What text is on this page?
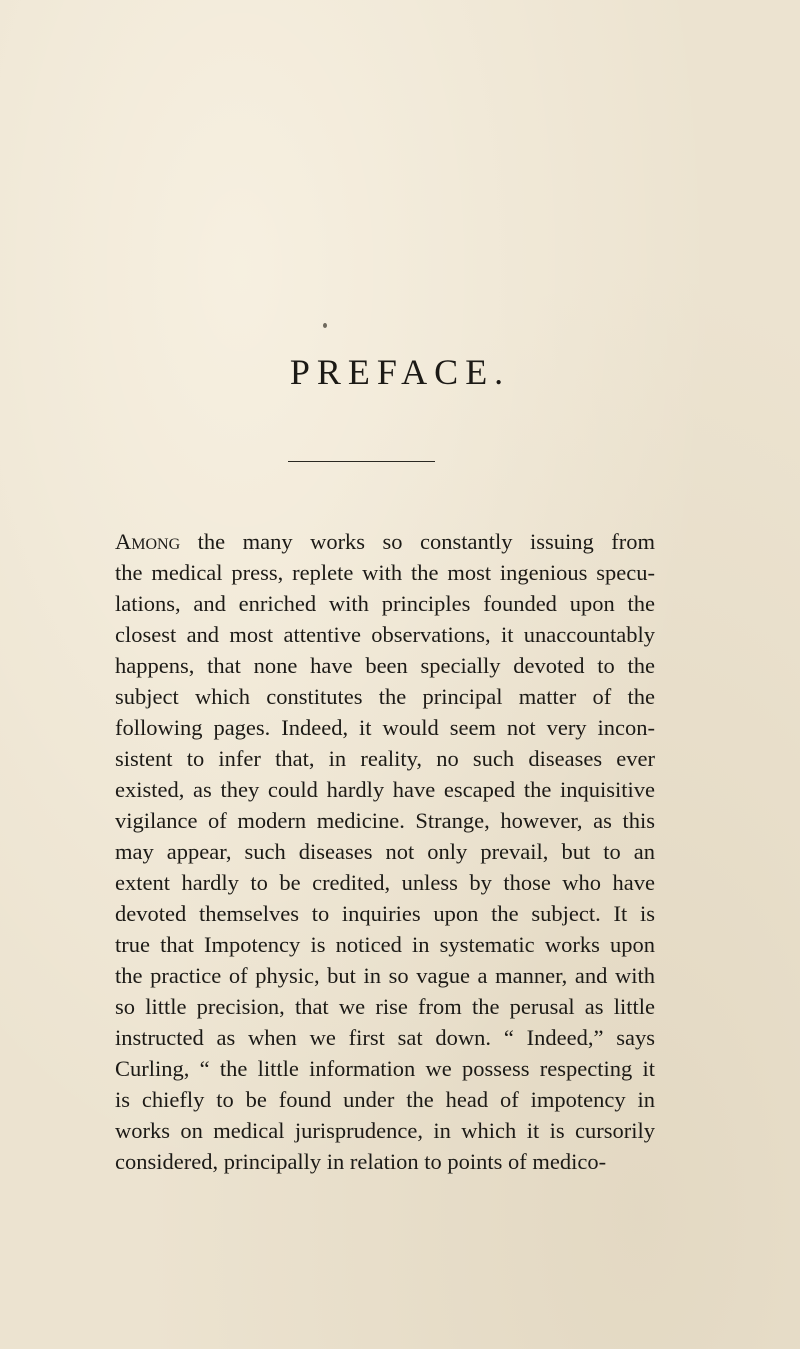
PREFACE.
Among the many works so constantly issuing from
the medical press, replete with the most ingenious specu-
lations, and enriched with principles founded upon the
closest and most attentive observations, it unaccountably
happens, that none have been specially devoted to the
subject which constitutes the principal matter of the
following pages. Indeed, it would seem not very incon-
sistent to infer that, in reality, no such diseases ever
existed, as they could hardly have escaped the inquisitive
vigilance of modern medicine. Strange, however, as this
may appear, such diseases not only prevail, but to an
extent hardly to be credited, unless by those who have
devoted themselves to inquiries upon the subject. It is
true that Impotency is noticed in systematic works upon
the practice of physic, but in so vague a manner, and with
so little precision, that we rise from the perusal as little
instructed as when we first sat down. “ Indeed,” says
Curling, “ the little information we possess respecting it
is chiefly to be found under the head of impotency in
works on medical jurisprudence, in which it is cursorily
considered, principally in relation to points of medico-
